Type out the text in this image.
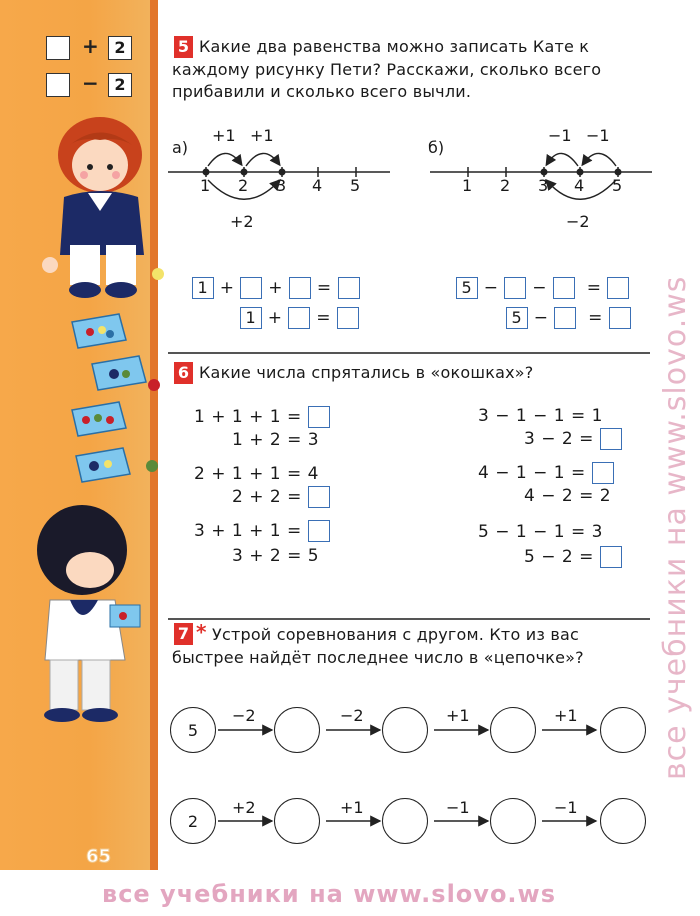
+ 2
− 2
65
5 Какие два равенства можно записать Кате к
каждому рисунку Пети? Расскажи, сколько всего
прибавили и сколько всего вычли.
а)
+1 +1
1 2 3 4 5
+2

1 +  +  =

1 +  =

б)
−1 −1
1 2 3 4 5
−2

5 −  −   =

5 −   =

6 Какие числа спрятались в «окошках»?
1 + 1 + 1 =
1 + 2 = 3
2 + 1 + 1 = 4
2 + 2 =
3 + 1 + 1 =
3 + 2 = 5
3 − 1 − 1 = 1
3 − 2 =
4 − 1 − 1 =
4 − 2 = 2
5 − 1 − 1 = 3
5 − 2 =
7 * Устрой соревнования с другом. Кто из вас
быстрее найдёт последнее число в «цепочке»?
5
−2	−2	+1	+1
2
+2	+1	−1	−1
все учебники на www.slovo.ws
все учебники на www.slovo.ws
